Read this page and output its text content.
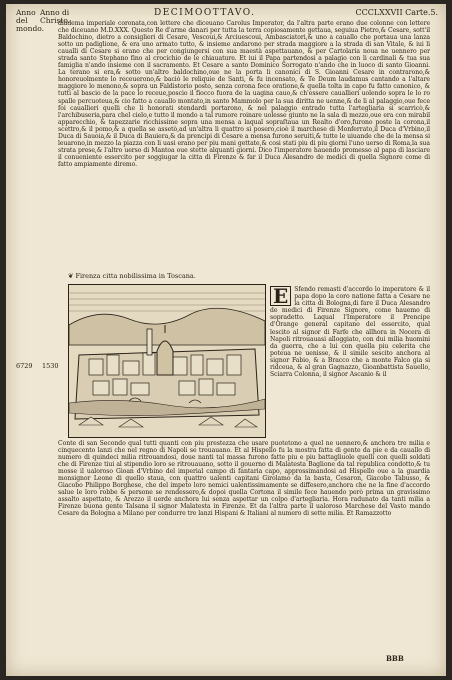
Anno del mondo.
Anno di Christo.
DECIMOOTTAVO.	CCCLXXVII Carte.5.

diadema imperiale coronata,con lettere che diceuano Carolus Imperator, da l'altra parte erano due colonne con lettere che diceuano M.D.XXX. Questo Re d'arme danari per tutta la terra copiosamente gettaua, seguiua Pietro,& Cesare, sott'il Baldochino, dietro a consiglieri di Cesare, Vescoui,& Arciuescoui, Ambasciatori,& uno a cauallo che portaua una lanza sotto un padiglione, & era uno armato tutto, & insieme andarono per strada maggiore a la strada di san Vitale, & iui li caualli di Cesare si erano che per congiungersi con sua maestà aspettauano, & per Cartolaria noua ne uennero per strada santo Stephano fino al crocichio de le chiauature. Et iui il Papa partendosi a palagio con li cardinali & tua sua famiglia n'ando insieme con il sacramento. Et Cesare a santo Dominico Sorrogato n'ando che in luoco di santo Gioanni. La terano si era,& sotto un'altro baldochino,oue ne la porta li canonici di S. Gioanni Cesare in contrarono,& honoreuolmente lo receuerono,& baciò le reliquie de Santi, & fu incensato, & Te Deum laudamus cantando a l'altare maggiore lo menono,& sopra un Faldistorio posto, senza corona fece oratione,& quella tolta in capo fu fatto canonico, & tutti al bascio de la pace lo receue,poscio il fiocco fuora de la uagina cauo,& ch'essere cauallieri uolendo sopra le lo ro spalle percuoteua,& cio fatto a cauallo montato,in santo Mammolo per la sua diritta ne uenne,& de li al palaggio,oue fece foi cauallieri quelli che li honorati stendardi portarono, & nel palaggio entrado tutta l'artegliaria si scarricò,& l'archibuseria,para chel cielo,e tutto il mondo a tal rumore roinare uolesse giunto ne la sala di mezzo,oue era con mirabil apparecchio, & tapezzarie ricchissime sopra una mensa a laqual sopraſtaua un Realto d'oro,furono poste la corona,il scettro,& il pomo,& a quella se assetò,ad un'altra li quattro si posero,cioè il marchese di Monferrato,il Duca d'Vrbino,il Duca di Sauoia,& il Duca di Bauiera,& da prencipi di Cesare a mensa furono seruiti,& tutte le uiuande che de la mensa si leuarono,in mezzo la piazza con li uasi erano per piu mani gettate,& cosi stati piu di piu giorni l'uno uerso di Roma,la sua strata prese,& l'altro uerso di Mantoa oue stette alquanti giorni. Dico l'imperatore hauendo promesso al papa di lasciare il conueniente essercito per soggiugar la citta di Firenze & far il Duca Alesandro de medici di quella Signore come di fatto ampiamente diremo.

❦ Firenza citta nobilissima in Toscana.

E Sfendo remasti d'accordo lo imperatore & il papa dopo la coro natione fatta a Cesare ne la citta di Bologna,di fare il Duca Alesandro de medici di Firenze Signore, come hauemo di sopradetto. Laqual l'Imperatore il Prencipe d'Orange general capitano del essercito, qual lescito al signor di Farfe che allhora in Nocera di Napoli ritrouauasi alloggiato, con dui milia huomini da guerra, che a lui con quella piu celerita che poteua ne uenisse, & il simile sescito anchora al signor Fabio, & a Bracco che a monte Falco gia si ridceua, & al gran Gagnazzo, Gioanbattista Sauello, Sciarra Colonna, il signor Ascanio & il

6729 1530

Conte di san Secondo qual tutti quanti con piu prestezza che usare puotetono a quel ne uennero,& anchora tre milia e cinquecento lanzi che nel regno di Napoli se trouauano. Et al Hispello fu la mostra fatta di gente da pie e da cauallo di numero di quindeci milia ritrouandosi, doue nanti tal massa furono fatte piu e piu battagliuole quelli con quelli soldati che di Firenze tiui al stipendio loro se ritrouauano, sotto il gouerno di Malatesta Baglione da tal republica condotto,& tu mosse il ualoroso Gioan d'Vrbino del imperial campo di fantaria capo, approssimandosi ad Hispello oue a la guardia monsignor Leone di quello staua, con quattro ualenti capitani Girolamo da la basta, Cesaron, Giacobo Tabusso, & Giacobo Philippo Borghese, che del impeto loro nemici ualentissimamente se diffesero,anchora che ne la fine d'accordo salue le loro robbe & persone se rendessero,& dopoi quella Cortona il simile fece hauendo però prima un gravissimo assalto aspettato, & Arezzo il uerde anchora lui senza aspettar un colpo d'artegliaria. Hora radunato da tanti milia a Firenze buona gente Talsana il signor Malatesta in Firenze. Et da l'altra parte il ualoroso Marchese del Vasto mando Cesare da Bologna a Milano per condurre tre lanzi Hispani & Italiani al numero di sette milia. Et Ramazzotto

BBB
